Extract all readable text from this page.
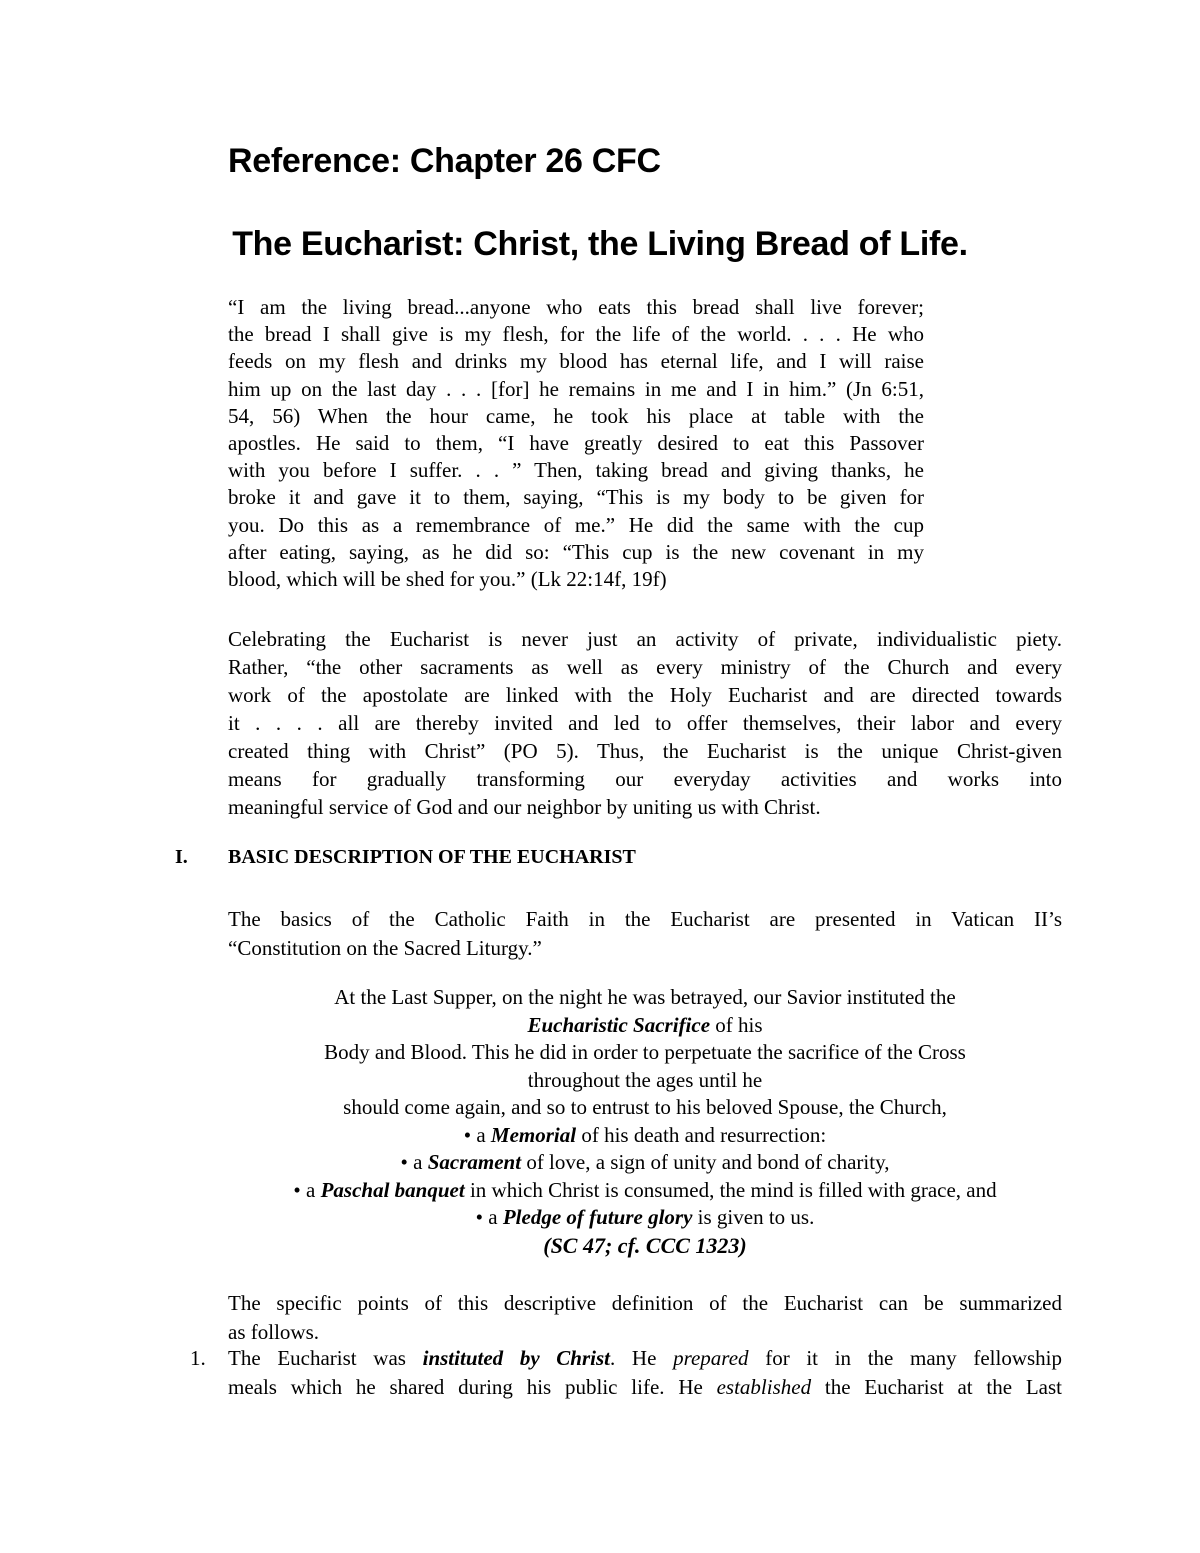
Reference: Chapter 26 CFC
The Eucharist: Christ, the Living Bread of Life.
“I am the living bread...anyone who eats this bread shall live forever;
the bread I shall give is my flesh, for the life of the world. . . . He who
feeds on my flesh and drinks my blood has eternal life, and I will raise
him up on the last day . . . [for] he remains in me and I in him.” (Jn 6:51,
54, 56) When the hour came, he took his place at table with the
apostles. He said to them, “I have greatly desired to eat this Passover
with you before I suffer. . . ” Then, taking bread and giving thanks, he
broke it and gave it to them, saying, “This is my body to be given for
you. Do this as a remembrance of me.” He did the same with the cup
after eating, saying, as he did so: “This cup is the new covenant in my
blood, which will be shed for you.” (Lk 22:14f, 19f)
Celebrating the Eucharist is never just an activity of private, individualistic piety.
Rather, “the other sacraments as well as every ministry of the Church and every
work of the apostolate are linked with the Holy Eucharist and are directed towards
it . . . . all are thereby invited and led to offer themselves, their labor and every
created thing with Christ” (PO 5). Thus, the Eucharist is the unique Christ-given
means for gradually transforming our everyday activities and works into
meaningful service of God and our neighbor by uniting us with Christ.
I. BASIC DESCRIPTION OF THE EUCHARIST
The basics of the Catholic Faith in the Eucharist are presented in Vatican II’s
“Constitution on the Sacred Liturgy.”
At the Last Supper, on the night he was betrayed, our Savior instituted the
Eucharistic Sacrifice of his
Body and Blood. This he did in order to perpetuate the sacrifice of the Cross
throughout the ages until he
should come again, and so to entrust to his beloved Spouse, the Church,
• a Memorial of his death and resurrection:
• a Sacrament of love, a sign of unity and bond of charity,
• a Paschal banquet in which Christ is consumed, the mind is filled with grace, and
• a Pledge of future glory is given to us.
(SC 47; cf. CCC 1323)
The specific points of this descriptive definition of the Eucharist can be summarized
as follows.
1. The Eucharist was instituted by Christ. He prepared for it in the many fellowship
meals which he shared during his public life. He established the Eucharist at the Last
